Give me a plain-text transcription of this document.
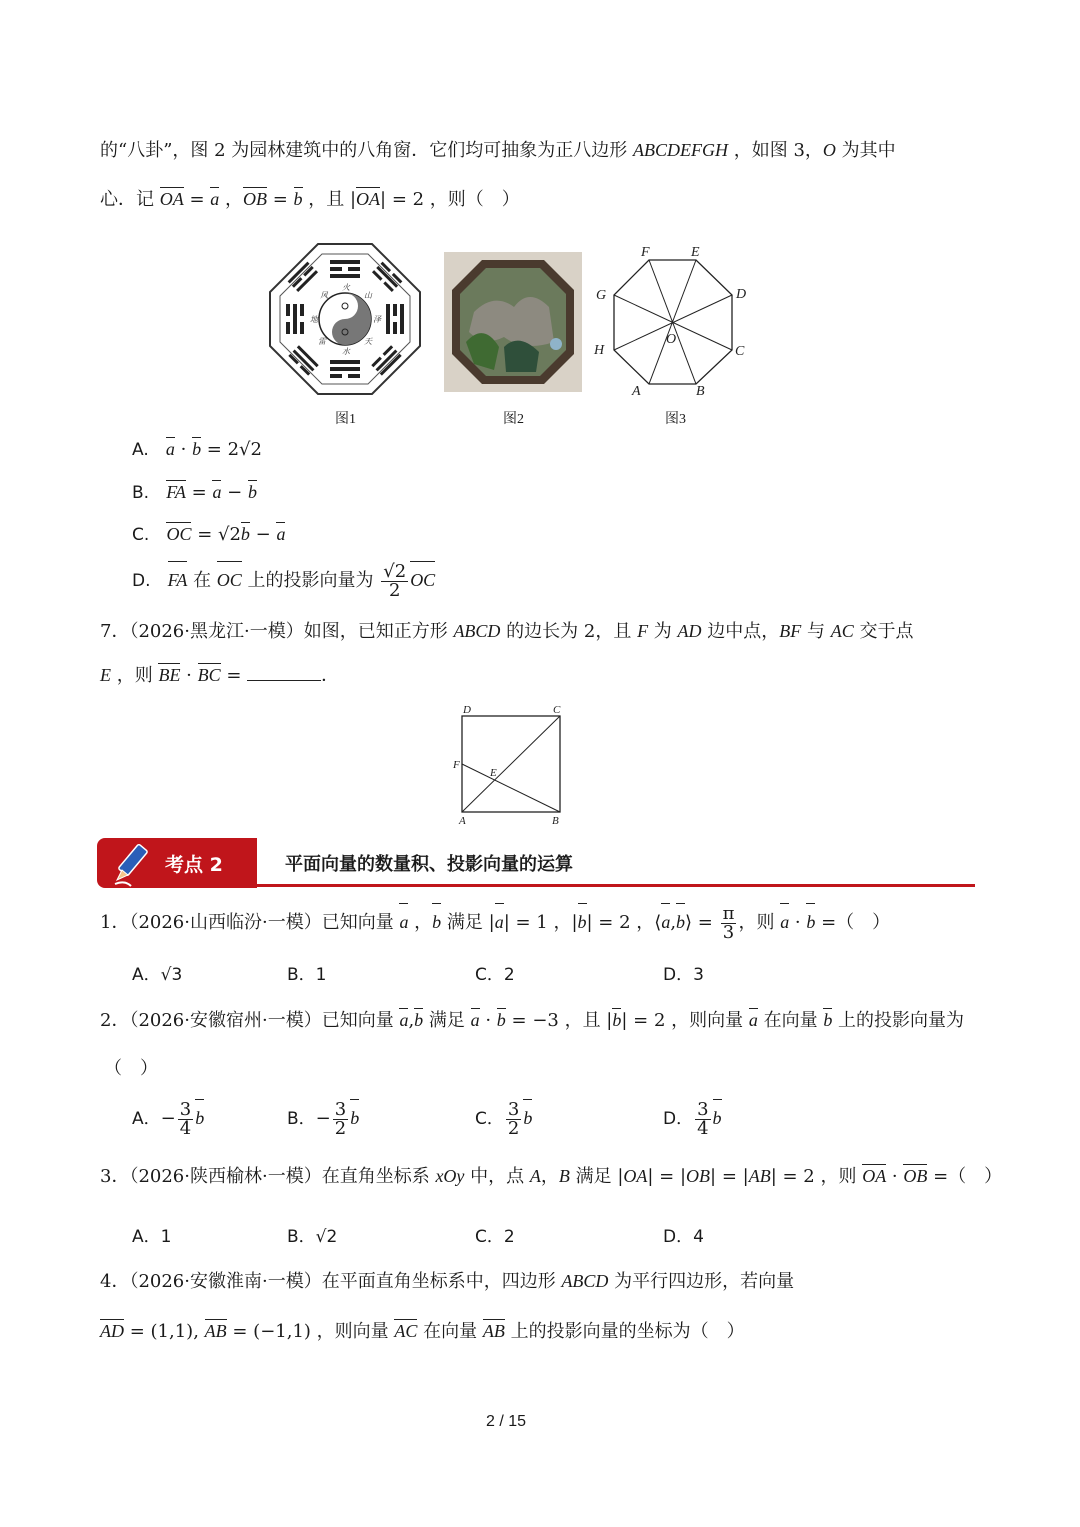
的“八卦”，图 2 为园林建筑中的八角窗．它们均可抽象为正八边形 ABCDEFGH ，如图 3，O 为其中
心．记 OA = a ，OB = b ，且 |OA| = 2 ，则（　）
火
风
地
雷
水
天
泽
山
图1	图2
F	E
G	D
H
O
C
A	B
图3
A. a · b = 2√2
B. FA = a − b
C. OC = √2b − a
D. FA 在 OC 上的投影向量为 $\frac{√2}{2}$ OC
7．（2026·黑龙江·一模）如图，已知正方形 ABCD 的边长为 2，且 F 为 AD 边中点，BF 与 AC 交于点
E ，则 BE · BC =	．
D	C
F
E
A	B
考点 2	平面向量的数量积、投影向量的运算
1．（2026·山西临汾·一模）已知向量 a ，b 满足 |a| = 1 ，|b| = 2 ，⟨a,b⟩ = $\frac{\pi}{3}$ ，则 a · b =（　）
A．√3	B．1	C．2	D．3
2．（2026·安徽宿州·一模）已知向量 a,b 满足 a · b = −3 ，且 |b| = 2 ，则向量 a 在向量 b 上的投影向量为
（　）
A．− $\frac{3}{4}$ b	B．− $\frac{3}{2}$ b	C． $\frac{3}{2}$ b	D． $\frac{3}{4}$ b
3．（2026·陕西榆林·一模）在直角坐标系 xOy 中，点 A，B 满足 |OA| = |OB| = |AB| = 2 ，则 OA · OB =（　）
A．1	B．√2	C．2	D．4
4．（2026·安徽淮南·一模）在平面直角坐标系中，四边形 ABCD 为平行四边形，若向量
AD = (1,1), AB = (−1,1) ，则向量 AC 在向量 AB 上的投影向量的坐标为（　）
2 / 15
